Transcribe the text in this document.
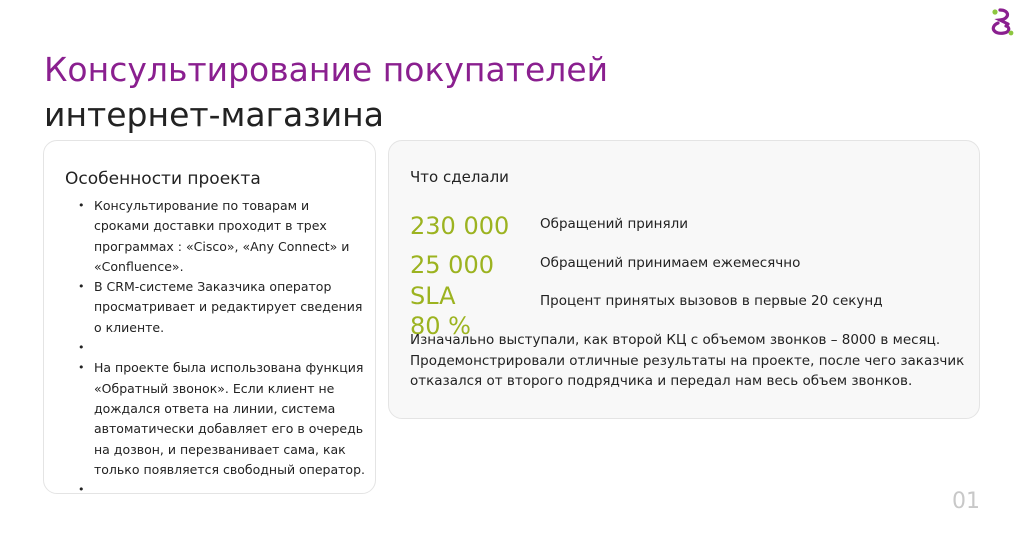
Консультирование покупателей
интернет-магазина
Особенности проекта
• Консультирование по товарам и сроками доставки проходит в трех программах : «Cisco», «Any Connect» и «Confluence».
• В CRM-системе Заказчика оператор просматривает и редактирует сведения о клиенте.
•
• На проекте была использована функция «Обратный звонок». Если клиент не дождался ответа на линии, система автоматически добавляет его в очередь на дозвон, и перезванивает сама, как только появляется свободный оператор.
•
Что сделали
230 000 Обращений приняли
25 000	Обращений принимаем ежемесячно
SLA
80 %
Процент принятых вызовов в первые 20 секунд
Изначально выступали, как второй КЦ с объемом звонков – 8000 в месяц. Продемонстрировали отличные результаты на проекте, после чего заказчик отказался от второго подрядчика и передал нам весь объем звонков.
01
